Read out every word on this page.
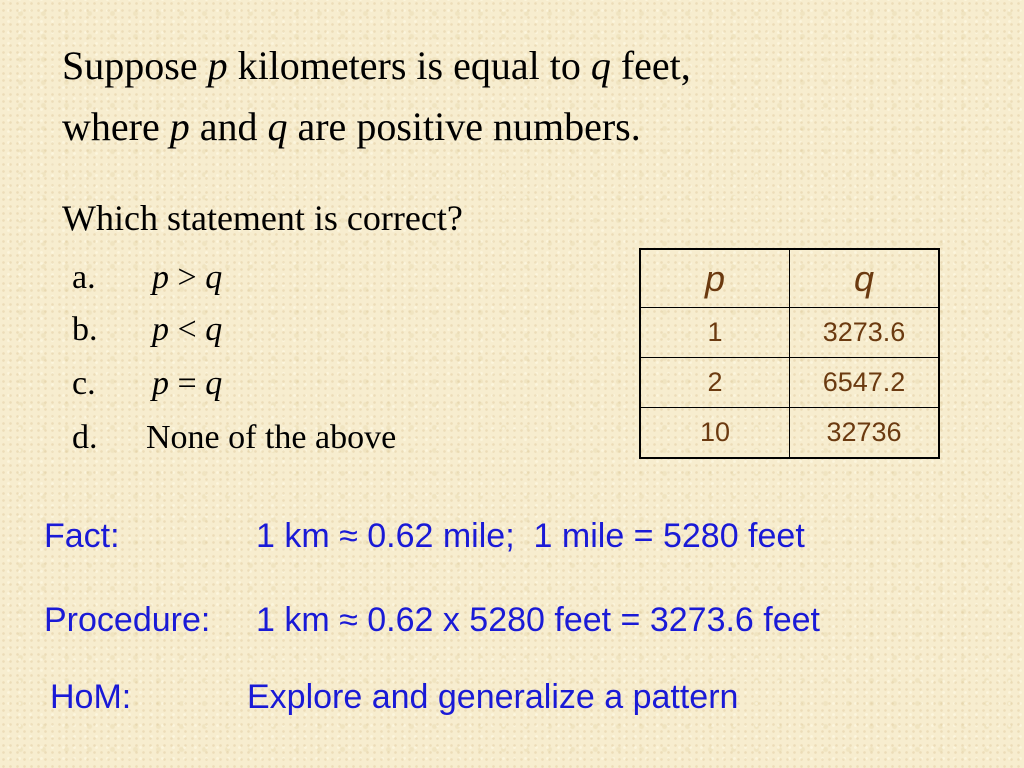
Suppose p kilometers is equal to q feet,
where p and q are positive numbers.
Which statement is correct?
a. p > q
b. p < q
c. p = q
d. None of the above
p	q
1	3273.6
2	6547.2
10	32736
Fact:	1 km ≈ 0.62 mile;  1 mile = 5280 feet
Procedure: 1 km ≈ 0.62 x 5280 feet = 3273.6 feet
HoM:	Explore and generalize a pattern
